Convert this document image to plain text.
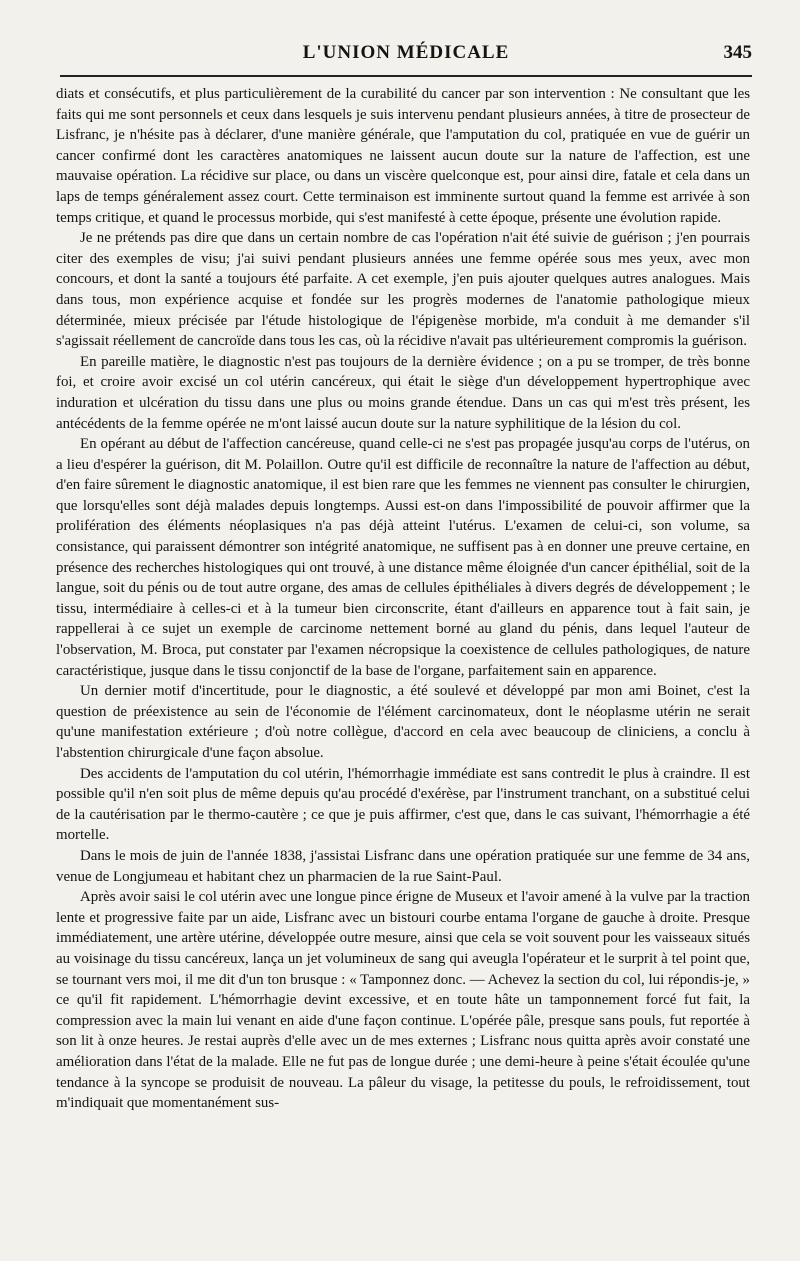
L'UNION MÉDICALE	345

diats et consécutifs, et plus particulièrement de la curabilité du cancer par son intervention : Ne consultant que les faits qui me sont personnels et ceux dans lesquels je suis intervenu pendant plusieurs années, à titre de prosecteur de Lisfranc, je n'hésite pas à déclarer, d'une manière générale, que l'amputation du col, pratiquée en vue de guérir un cancer confirmé dont les caractères anatomiques ne laissent aucun doute sur la nature de l'affection, est une mauvaise opération. La récidive sur place, ou dans un viscère quelconque est, pour ainsi dire, fatale et cela dans un laps de temps généralement assez court. Cette terminaison est imminente surtout quand la femme est arrivée à son temps critique, et quand le processus morbide, qui s'est manifesté à cette époque, présente une évolution rapide.

Je ne prétends pas dire que dans un certain nombre de cas l'opération n'ait été suivie de guérison ; j'en pourrais citer des exemples de visu; j'ai suivi pendant plusieurs années une femme opérée sous mes yeux, avec mon concours, et dont la santé a toujours été parfaite. A cet exemple, j'en puis ajouter quelques autres analogues. Mais dans tous, mon expérience acquise et fondée sur les progrès modernes de l'anatomie pathologique mieux déterminée, mieux précisée par l'étude histologique de l'épigenèse morbide, m'a conduit à me demander s'il s'agissait réellement de cancroïde dans tous les cas, où la récidive n'avait pas ultérieurement compromis la guérison.

En pareille matière, le diagnostic n'est pas toujours de la dernière évidence ; on a pu se tromper, de très bonne foi, et croire avoir excisé un col utérin cancéreux, qui était le siège d'un développement hypertrophique avec induration et ulcération du tissu dans une plus ou moins grande étendue. Dans un cas qui m'est très présent, les antécédents de la femme opérée ne m'ont laissé aucun doute sur la nature syphilitique de la lésion du col.

En opérant au début de l'affection cancéreuse, quand celle-ci ne s'est pas propagée jusqu'au corps de l'utérus, on a lieu d'espérer la guérison, dit M. Polaillon. Outre qu'il est difficile de reconnaître la nature de l'affection au début, d'en faire sûrement le diagnostic anatomique, il est bien rare que les femmes ne viennent pas consulter le chirurgien, que lorsqu'elles sont déjà malades depuis longtemps. Aussi est-on dans l'impossibilité de pouvoir affirmer que la prolifération des éléments néoplasiques n'a pas déjà atteint l'utérus. L'examen de celui-ci, son volume, sa consistance, qui paraissent démontrer son intégrité anatomique, ne suffisent pas à en donner une preuve certaine, en présence des recherches histologiques qui ont trouvé, à une distance même éloignée d'un cancer épithélial, soit de la langue, soit du pénis ou de tout autre organe, des amas de cellules épithéliales à divers degrés de développement ; le tissu, intermédiaire à celles-ci et à la tumeur bien circonscrite, étant d'ailleurs en apparence tout à fait sain, je rappellerai à ce sujet un exemple de carcinome nettement borné au gland du pénis, dans lequel l'auteur de l'observation, M. Broca, put constater par l'examen nécropsique la coexistence de cellules pathologiques, de nature caractéristique, jusque dans le tissu conjonctif de la base de l'organe, parfaitement sain en apparence.

Un dernier motif d'incertitude, pour le diagnostic, a été soulevé et développé par mon ami Boinet, c'est la question de préexistence au sein de l'économie de l'élément carcinomateux, dont le néoplasme utérin ne serait qu'une manifestation extérieure ; d'où notre collègue, d'accord en cela avec beaucoup de cliniciens, a conclu à l'abstention chirurgicale d'une façon absolue.

Des accidents de l'amputation du col utérin, l'hémorrhagie immédiate est sans contredit le plus à craindre. Il est possible qu'il n'en soit plus de même depuis qu'au procédé d'exérèse, par l'instrument tranchant, on a substitué celui de la cautérisation par le thermo-cautère ; ce que je puis affirmer, c'est que, dans le cas suivant, l'hémorrhagie a été mortelle.

Dans le mois de juin de l'année 1838, j'assistai Lisfranc dans une opération pratiquée sur une femme de 34 ans, venue de Longjumeau et habitant chez un pharmacien de la rue Saint-Paul.

Après avoir saisi le col utérin avec une longue pince érigne de Museux et l'avoir amené à la vulve par la traction lente et progressive faite par un aide, Lisfranc avec un bistouri courbe entama l'organe de gauche à droite. Presque immédiatement, une artère utérine, développée outre mesure, ainsi que cela se voit souvent pour les vaisseaux situés au voisinage du tissu cancéreux, lança un jet volumineux de sang qui aveugla l'opérateur et le surprit à tel point que, se tournant vers moi, il me dit d'un ton brusque : « Tamponnez donc. — Achevez la section du col, lui répondis-je, » ce qu'il fit rapidement. L'hémorrhagie devint excessive, et en toute hâte un tamponnement forcé fut fait, la compression avec la main lui venant en aide d'une façon continue. L'opérée pâle, presque sans pouls, fut reportée à son lit à onze heures. Je restai auprès d'elle avec un de mes externes ; Lisfranc nous quitta après avoir constaté une amélioration dans l'état de la malade. Elle ne fut pas de longue durée ; une demi-heure à peine s'était écoulée qu'une tendance à la syncope se produisit de nouveau. La pâleur du visage, la petitesse du pouls, le refroidissement, tout m'indiquait que momentanément sus-
